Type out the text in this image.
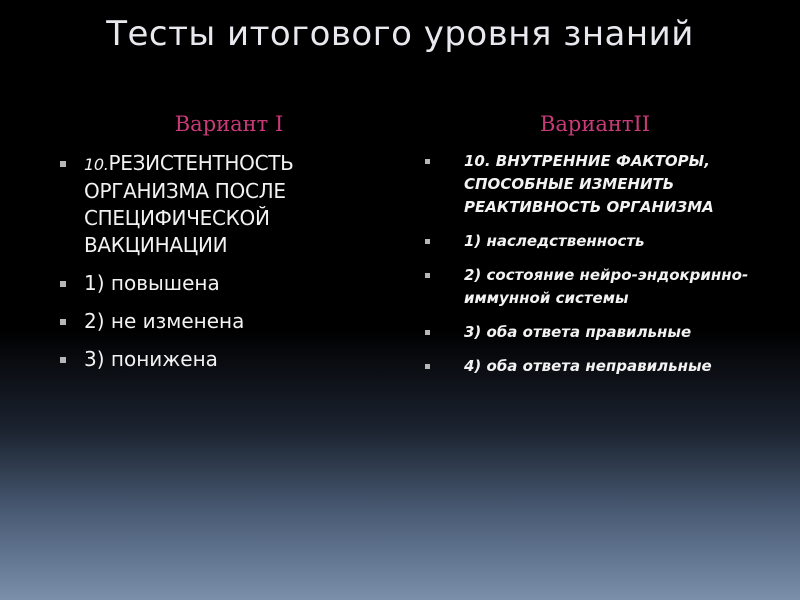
Тесты итогового уровня знаний
Вариант I
10.РЕЗИСТЕНТНОСТЬ ОРГАНИЗМА ПОСЛЕ СПЕЦИФИЧЕСКОЙ ВАКЦИНАЦИИ
1) повышена
2) не изменена
3) понижена
ВариантII
10. ВНУТРЕННИЕ ФАКТОРЫ, СПОСОБНЫЕ ИЗМЕНИТЬ РЕАКТИВНОСТЬ ОРГАНИЗМА
1) наследственность
2) состояние нейро-эндокринно-иммунной системы
3) оба ответа правильные
4) оба ответа неправильные
